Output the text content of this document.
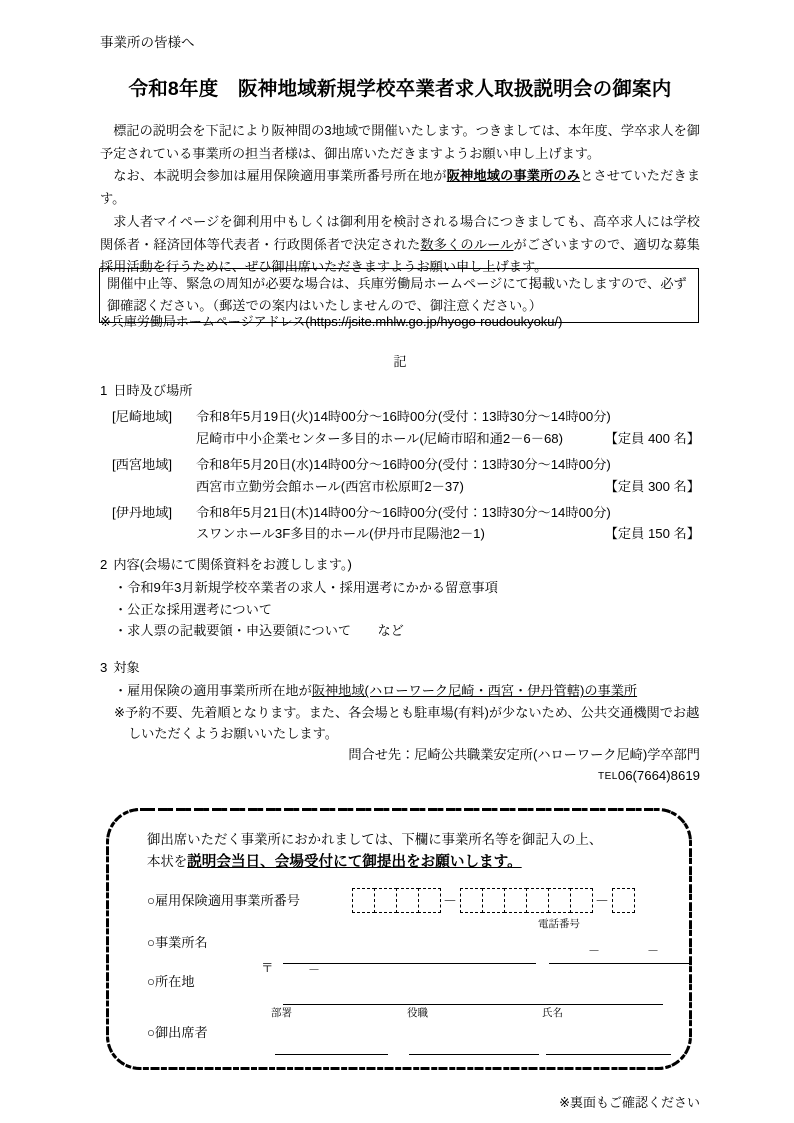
事業所の皆様へ
令和8年度　阪神地域新規学校卒業者求人取扱説明会の御案内

標記の説明会を下記により阪神間の3地域で開催いたします。つきましては、本年度、学卒求人を御予定されている事業所の担当者様は、御出席いただきますようお願い申し上げます。

なお、本説明会参加は雇用保険適用事業所番号所在地が阪神地域の事業所のみとさせていただきます。

求人者マイページを御利用中もしくは御利用を検討される場合につきましても、高卒求人には学校関係者・経済団体等代表者・行政関係者で決定された数多くのルールがございますので、適切な募集採用活動を行うために、ぜひ御出席いただきますようお願い申し上げます。

開催中止等、緊急の周知が必要な場合は、兵庫労働局ホームページにて掲載いたしますので、必ず御確認ください。（郵送での案内はいたしませんので、御注意ください。）

※兵庫労働局ホームページアドレス(https://jsite.mhlw.go.jp/hyogo-roudoukyoku/)
記
1 日時及び場所
[尼崎地域]	令和8年5月19日(火)14時00分～16時00分(受付：13時30分～14時00分)
尼崎市中小企業センター多目的ホール(尼崎市昭和通2－6－68)	【定員 400 名】
[西宮地域]	令和8年5月20日(水)14時00分～16時00分(受付：13時30分～14時00分)
西宮市立勤労会館ホール(西宮市松原町2－37)	【定員 300 名】
[伊丹地域]	令和8年5月21日(木)14時00分～16時00分(受付：13時30分～14時00分)
スワンホール3F多目的ホール(伊丹市昆陽池2－1)	【定員 150 名】
2 内容(会場にて関係資料をお渡しします。)
・令和9年3月新規学校卒業者の求人・採用選考にかかる留意事項
・公正な採用選考について
・求人票の記載要領・申込要領について　　など
3 対象
・雇用保険の適用事業所所在地が阪神地域(ハローワーク尼崎・西宮・伊丹管轄)の事業所
※予約不要、先着順となります。また、各会場とも駐車場(有料)が少ないため、公共交通機関でお越
しいただくようお願いいたします。
問合せ先：尼崎公共職業安定所(ハローワーク尼崎)学卒部門
TEL06(7664)8619
御出席いただく事業所におかれましては、下欄に事業所名等を御記入の上、
本状を説明会当日、会場受付にて御提出をお願いします。
○雇用保険適用事業所番号	－	－
○事業所名
電話番号
－	－
○所在地
〒	－
○御出席者
部署	役職	氏名
※裏面もご確認ください
